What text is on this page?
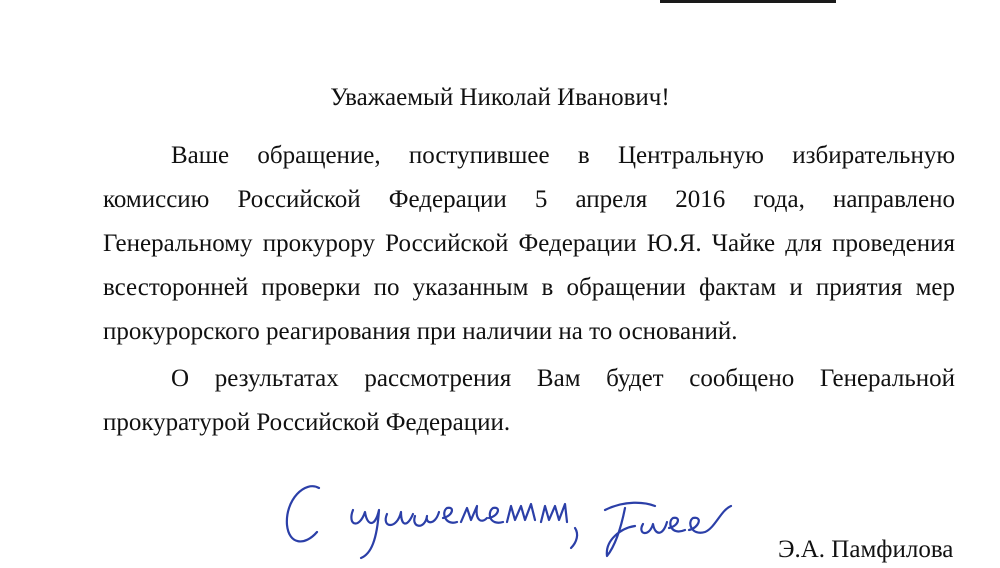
Уважаемый Николай Иванович!

Ваше обращение, поступившее в Центральную избирательную комиссию Российской Федерации 5 апреля 2016 года, направлено Генеральному прокурору Российской Федерации Ю.Я. Чайке для проведения всесторонней проверки по указанным в обращении фактам и приятия мер прокурорского реагирования при наличии на то оснований.

О результатах рассмотрения Вам будет сообщено Генеральной прокуратурой Российской Федерации.

Э.А. Памфилова
